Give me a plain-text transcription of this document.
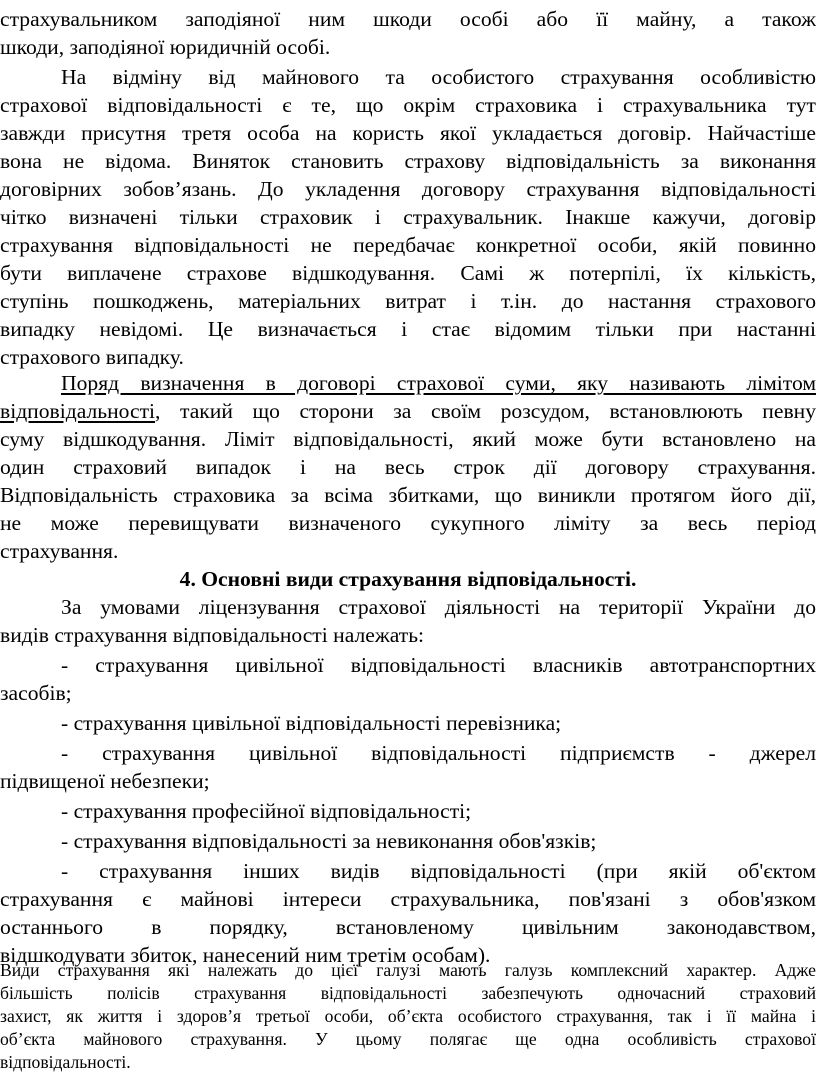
страхувальником заподіяної ним шкоди особі або її майну, а також
шкоди, заподіяної юридичній особі.
На відміну від майнового та особистого страхування особливістю
страхової відповідальності є те, що окрім страховика і страхувальника тут
завжди присутня третя особа на користь якої укладається договір. Найчастіше
вона не відома. Виняток становить страхову відповідальність за виконання
договірних зобов’язань. До укладення договору страхування відповідальності
чітко визначені тільки страховик і страхувальник. Інакше кажучи, договір
страхування відповідальності не передбачає конкретної особи, якій повинно
бути виплачене страхове відшкодування. Самі ж потерпілі, їх кількість,
ступінь пошкоджень, матеріальних витрат і т.ін. до настання страхового
випадку невідомі. Це визначається і стає відомим тільки при настанні
страхового випадку.
Поряд визначення в договорі страхової суми, яку називають лімітом
відповідальності, такий що сторони за своїм розсудом, встановлюють певну
суму відшкодування. Ліміт відповідальності, який може бути встановлено на
один страховий випадок і на весь строк дії договору страхування.
Відповідальність страховика за всіма збитками, що виникли протягом його дії,
не може перевищувати визначеного сукупного ліміту за весь період
4. Основні види страхування відповідальності.
За умовами ліцензування страхової діяльності на території України до
видів страхування відповідальності належать:
- страхування цивільної відповідальності власників автотранспортних
засобів;
- страхування цивільної відповідальності перевізника;
- страхування цивільної відповідальності підприємств - джерел
підвищеної небезпеки;
- страхування професійної відповідальності;
- страхування відповідальності за невиконання обов'язків;
- страхування інших видів відповідальності (при якій об'єктом
страхування є майнові інтереси страхувальника, пов'язані з обов'язком
останнього в порядку, встановленому цивільним законодавством,
відшкодувати збиток, нанесений ним третім особам).
Види страхування які належать до цієї галузі мають галузь комплексний характер. Адже
більшість полісів страхування відповідальності забезпечують одночасний страховий
захист, як життя і здоров’я третьої особи, об’єкта особистого страхування, так і її майна і
об’єкта майнового страхування. У цьому полягає ще одна особливість страхової
відповідальності.
страхування.
